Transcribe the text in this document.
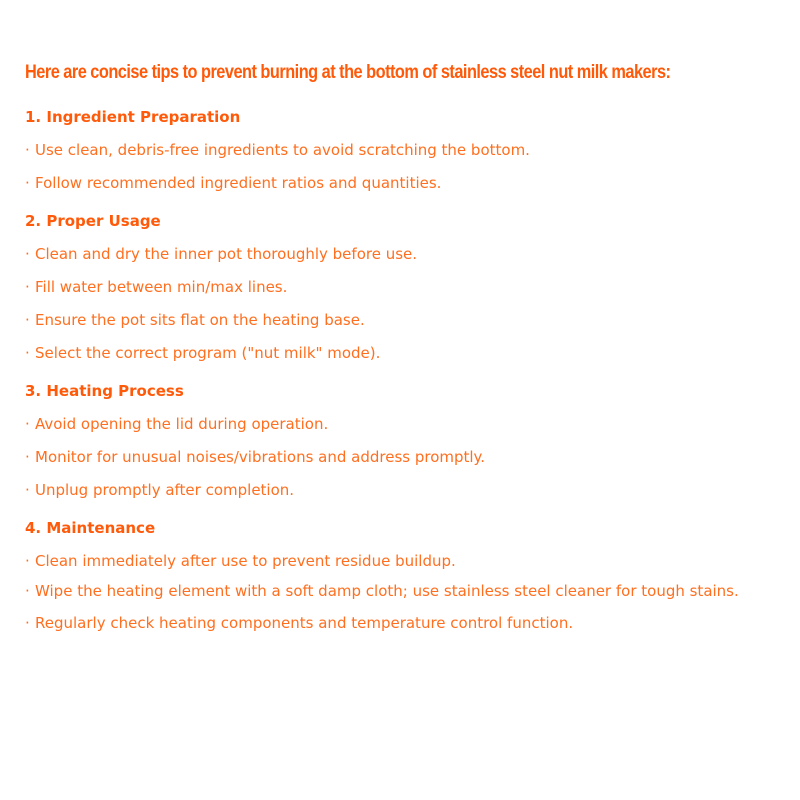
Here are concise tips to prevent burning at the bottom of stainless steel nut milk makers:
1. Ingredient Preparation
· Use clean, debris-free ingredients to avoid scratching the bottom.
· Follow recommended ingredient ratios and quantities.
2. Proper Usage
· Clean and dry the inner pot thoroughly before use.
· Fill water between min/max lines.
· Ensure the pot sits flat on the heating base.
· Select the correct program ("nut milk" mode).
3. Heating Process
· Avoid opening the lid during operation.
· Monitor for unusual noises/vibrations and address promptly.
· Unplug promptly after completion.
4. Maintenance
· Clean immediately after use to prevent residue buildup.
· Wipe the heating element with a soft damp cloth; use stainless steel cleaner for tough stains.
· Regularly check heating components and temperature control function.
